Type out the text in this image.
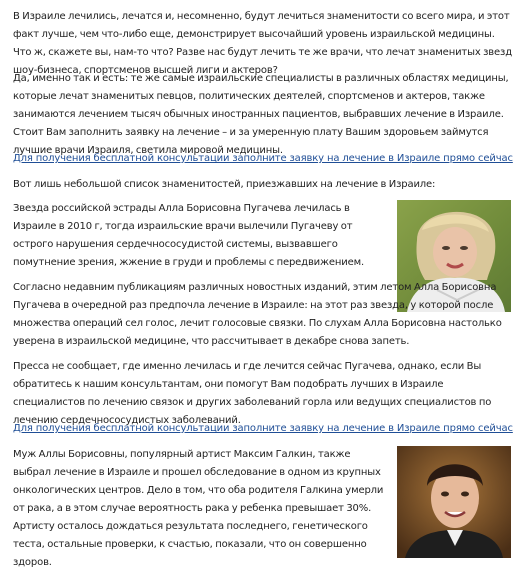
В Израиле лечились, лечатся и, несомненно, будут лечиться знаменитости со всего мира, и этот факт лучше, чем что-либо еще, демонстрирует высочайший уровень израильской медицины. Что ж, скажете вы, нам-то что? Разве нас будут лечить те же врачи, что лечат знаменитых звезд шоу-бизнеса, спортсменов высшей лиги и актеров?

Да, именно так и есть: те же самые израильские специалисты в различных областях медицины, которые лечат знаменитых певцов, политических деятелей, спортсменов и актеров, также занимаются лечением тысяч обычных иностранных пациентов, выбравших лечение в Израиле. Стоит Вам заполнить заявку на лечение – и за умеренную плату Вашим здоровьем займутся лучшие врачи Израиля, светила мировой медицины.

Для получения бесплатной консультации заполните заявку на лечение в Израиле прямо сейчас

Вот лишь небольшой список знаменитостей, приезжавших на лечение в Израиле:

Звезда российской эстрады Алла Борисовна Пугачева лечилась в Израиле в 2010 г, тогда израильские врачи вылечили Пугачеву от острого нарушения сердечнососудистой системы, вызвавшего помутнение зрения, жжение в груди и проблемы с передвижением.

Согласно недавним публикациям различных новостных изданий, этим летом Алла Борисовна Пугачева в очередной раз предпочла лечение в Израиле: на этот раз звезда, у которой после множества операций сел голос, лечит голосовые связки. По слухам Алла Борисовна настолько уверена в израильской медицине, что рассчитывает в декабре снова запеть.

Пресса не сообщает, где именно лечилась и где лечится сейчас Пугачева, однако, если Вы обратитесь к нашим консультантам, они помогут Вам подобрать лучших в Израиле специалистов по лечению связок и других заболеваний горла или ведущих специалистов по лечению сердечнососудистых заболеваний.

Для получения бесплатной консультации заполните заявку на лечение в Израиле прямо сейчас

Муж Аллы Борисовны, популярный артист Максим Галкин, также выбрал лечение в Израиле и прошел обследование в одном из крупных онкологических центров. Дело в том, что оба родителя Галкина умерли от рака, а в этом случае вероятность рака у ребенка превышает 30%. Артисту осталось дождаться результата последнего, генетического теста, остальные проверки, к счастью, показали, что он совершенно здоров.
